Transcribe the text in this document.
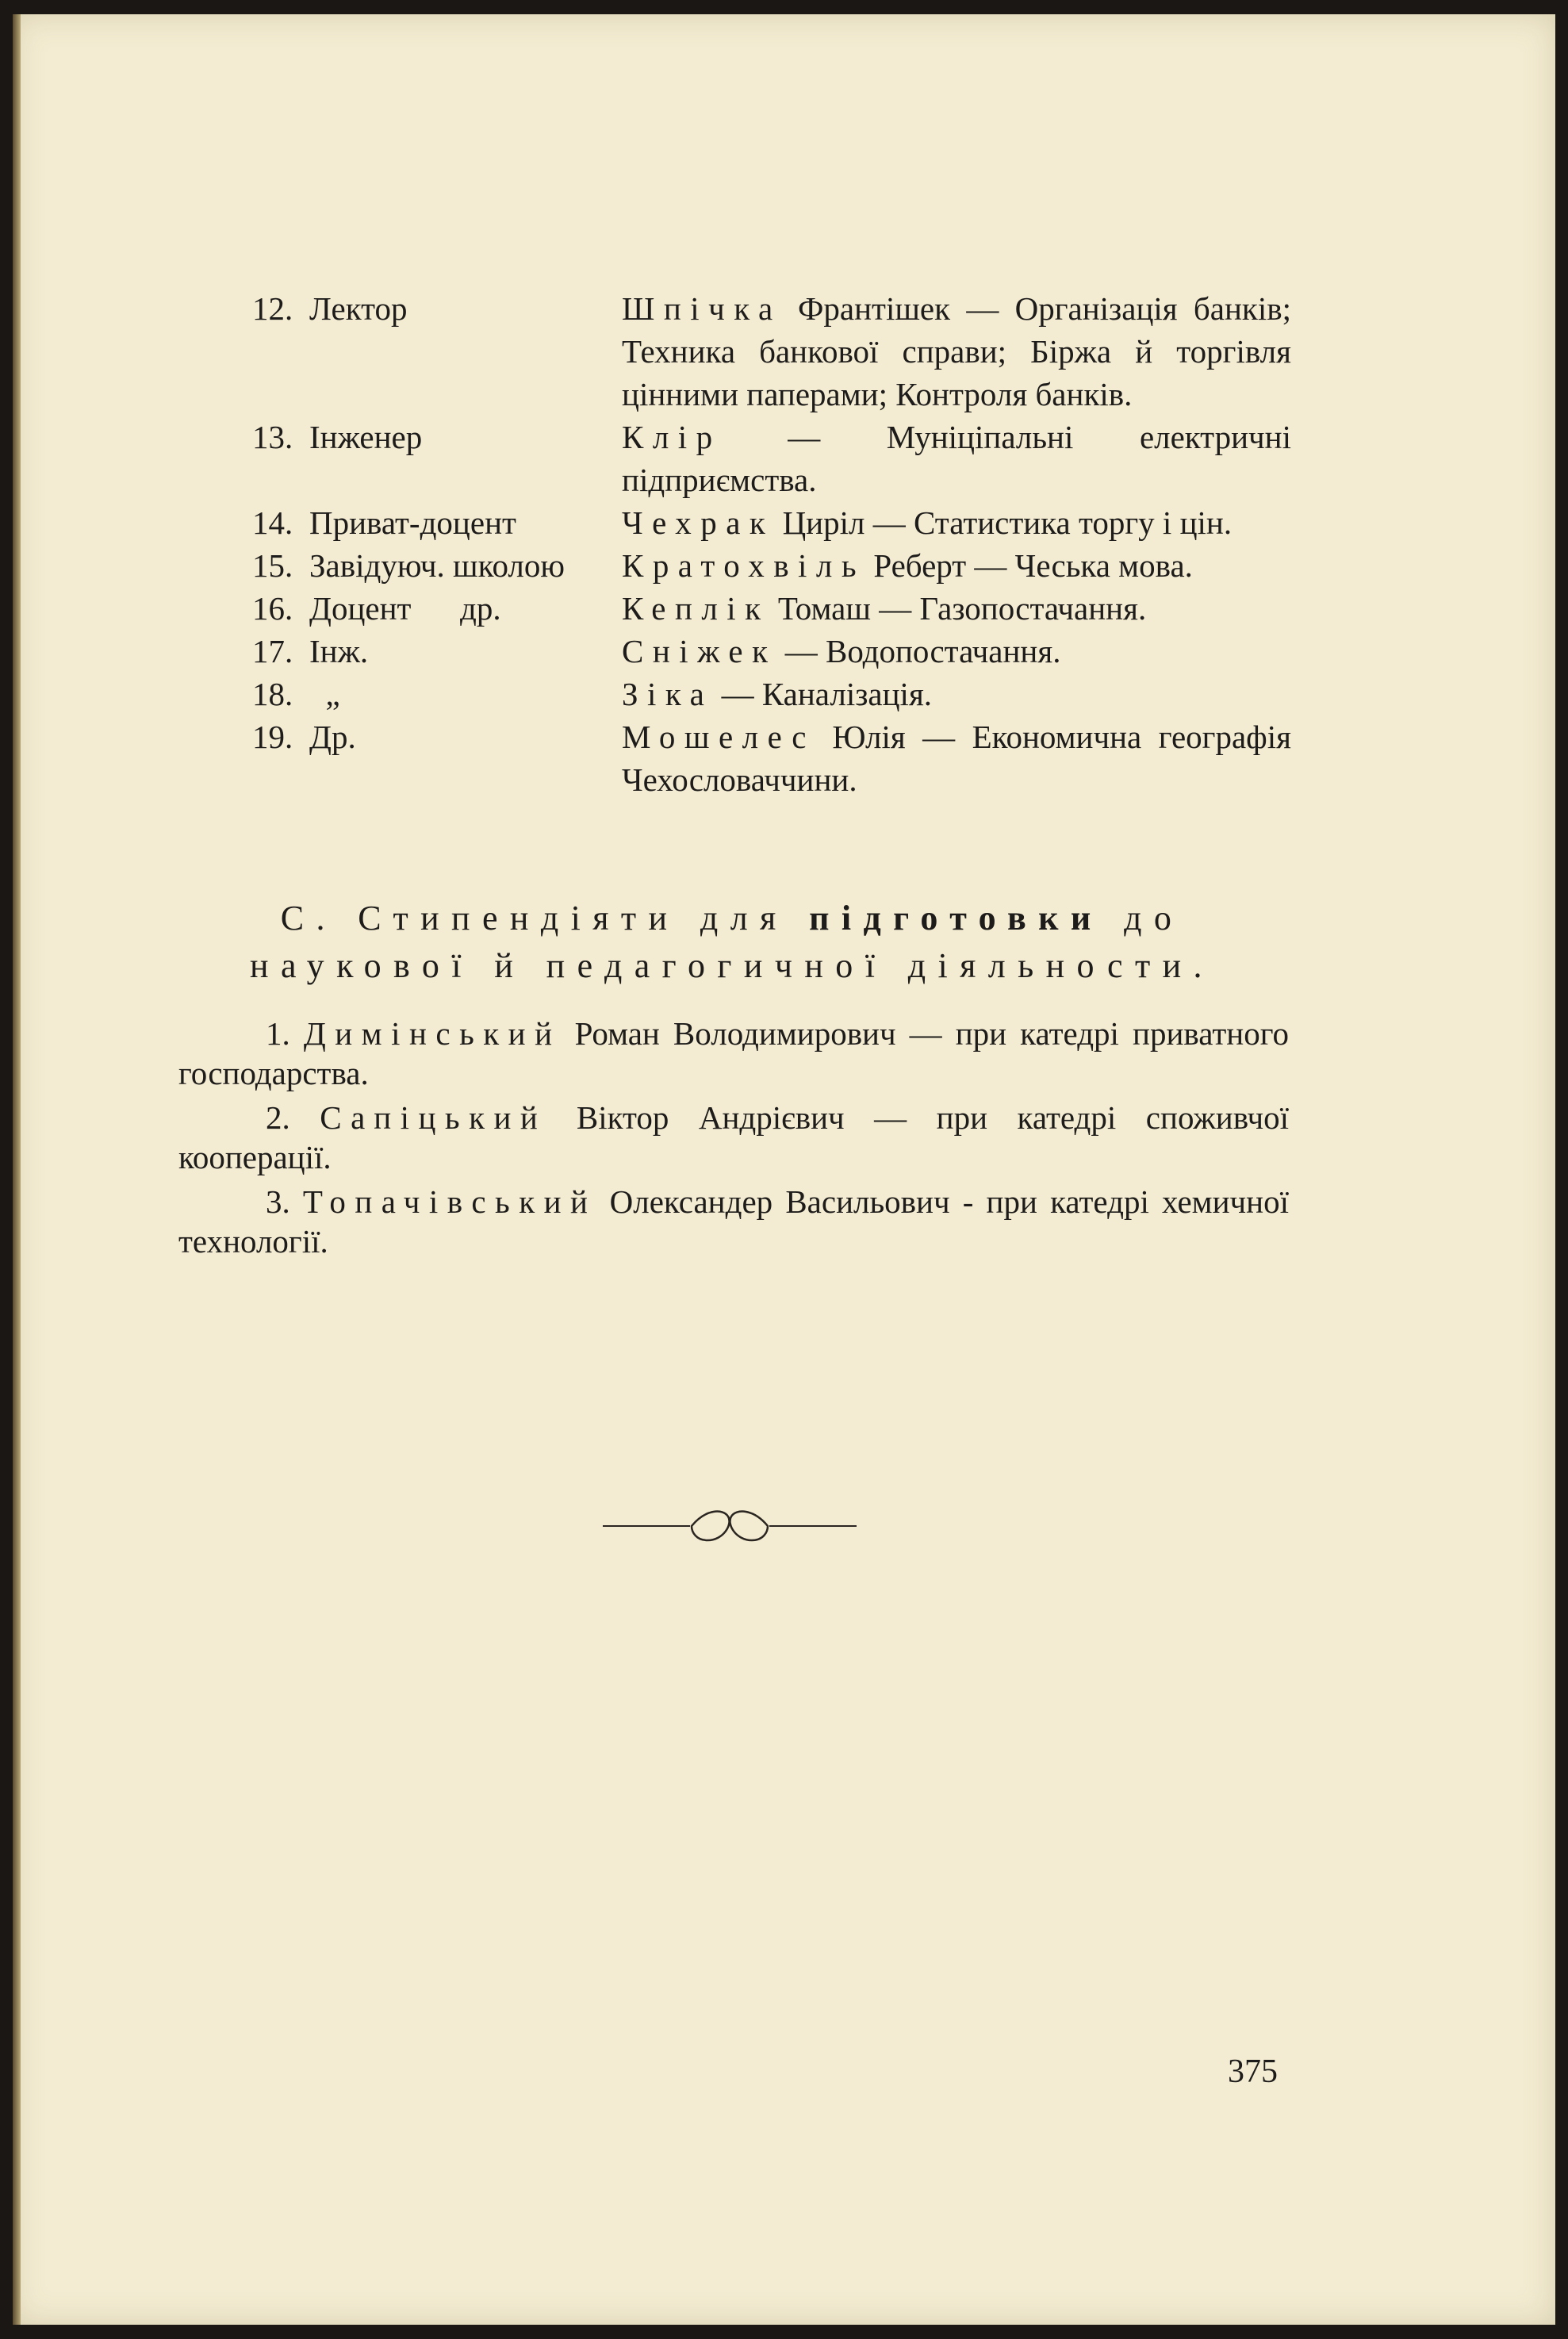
12. Лектор	Шпічка Франтішек — Організація банків; Техника банкової справи; Біржа й торгівля цінними паперами; Контроля банків.
13. Інженер	Клір — Муніціпальні електричні підприємства.
14. Приват-доцент	Чехрак Циріл — Статистика торгу і цін.
15. Завідуюч. школою	Кратохвіль Реберт — Чеська мова.
16. Доцент      др.	Кеплік Томаш — Газопостачання.
17. Інж.	Сніжек — Водопостачання.
18. „	Зіка — Каналізація.
19. Др.	Мошелес Юлія — Економична географія Чехословаччини.
С. Стипендіяти для підготовки до наукової й педагогичної діяльности.

1. Димінський Роман Володимирович — при катедрі приватного господарства.

2. Сапіцький Віктор Андрієвич — при катедрі споживчої кооперації.

3. Топачівський Олександер Васильович - при катедрі хемичної технології.

375
